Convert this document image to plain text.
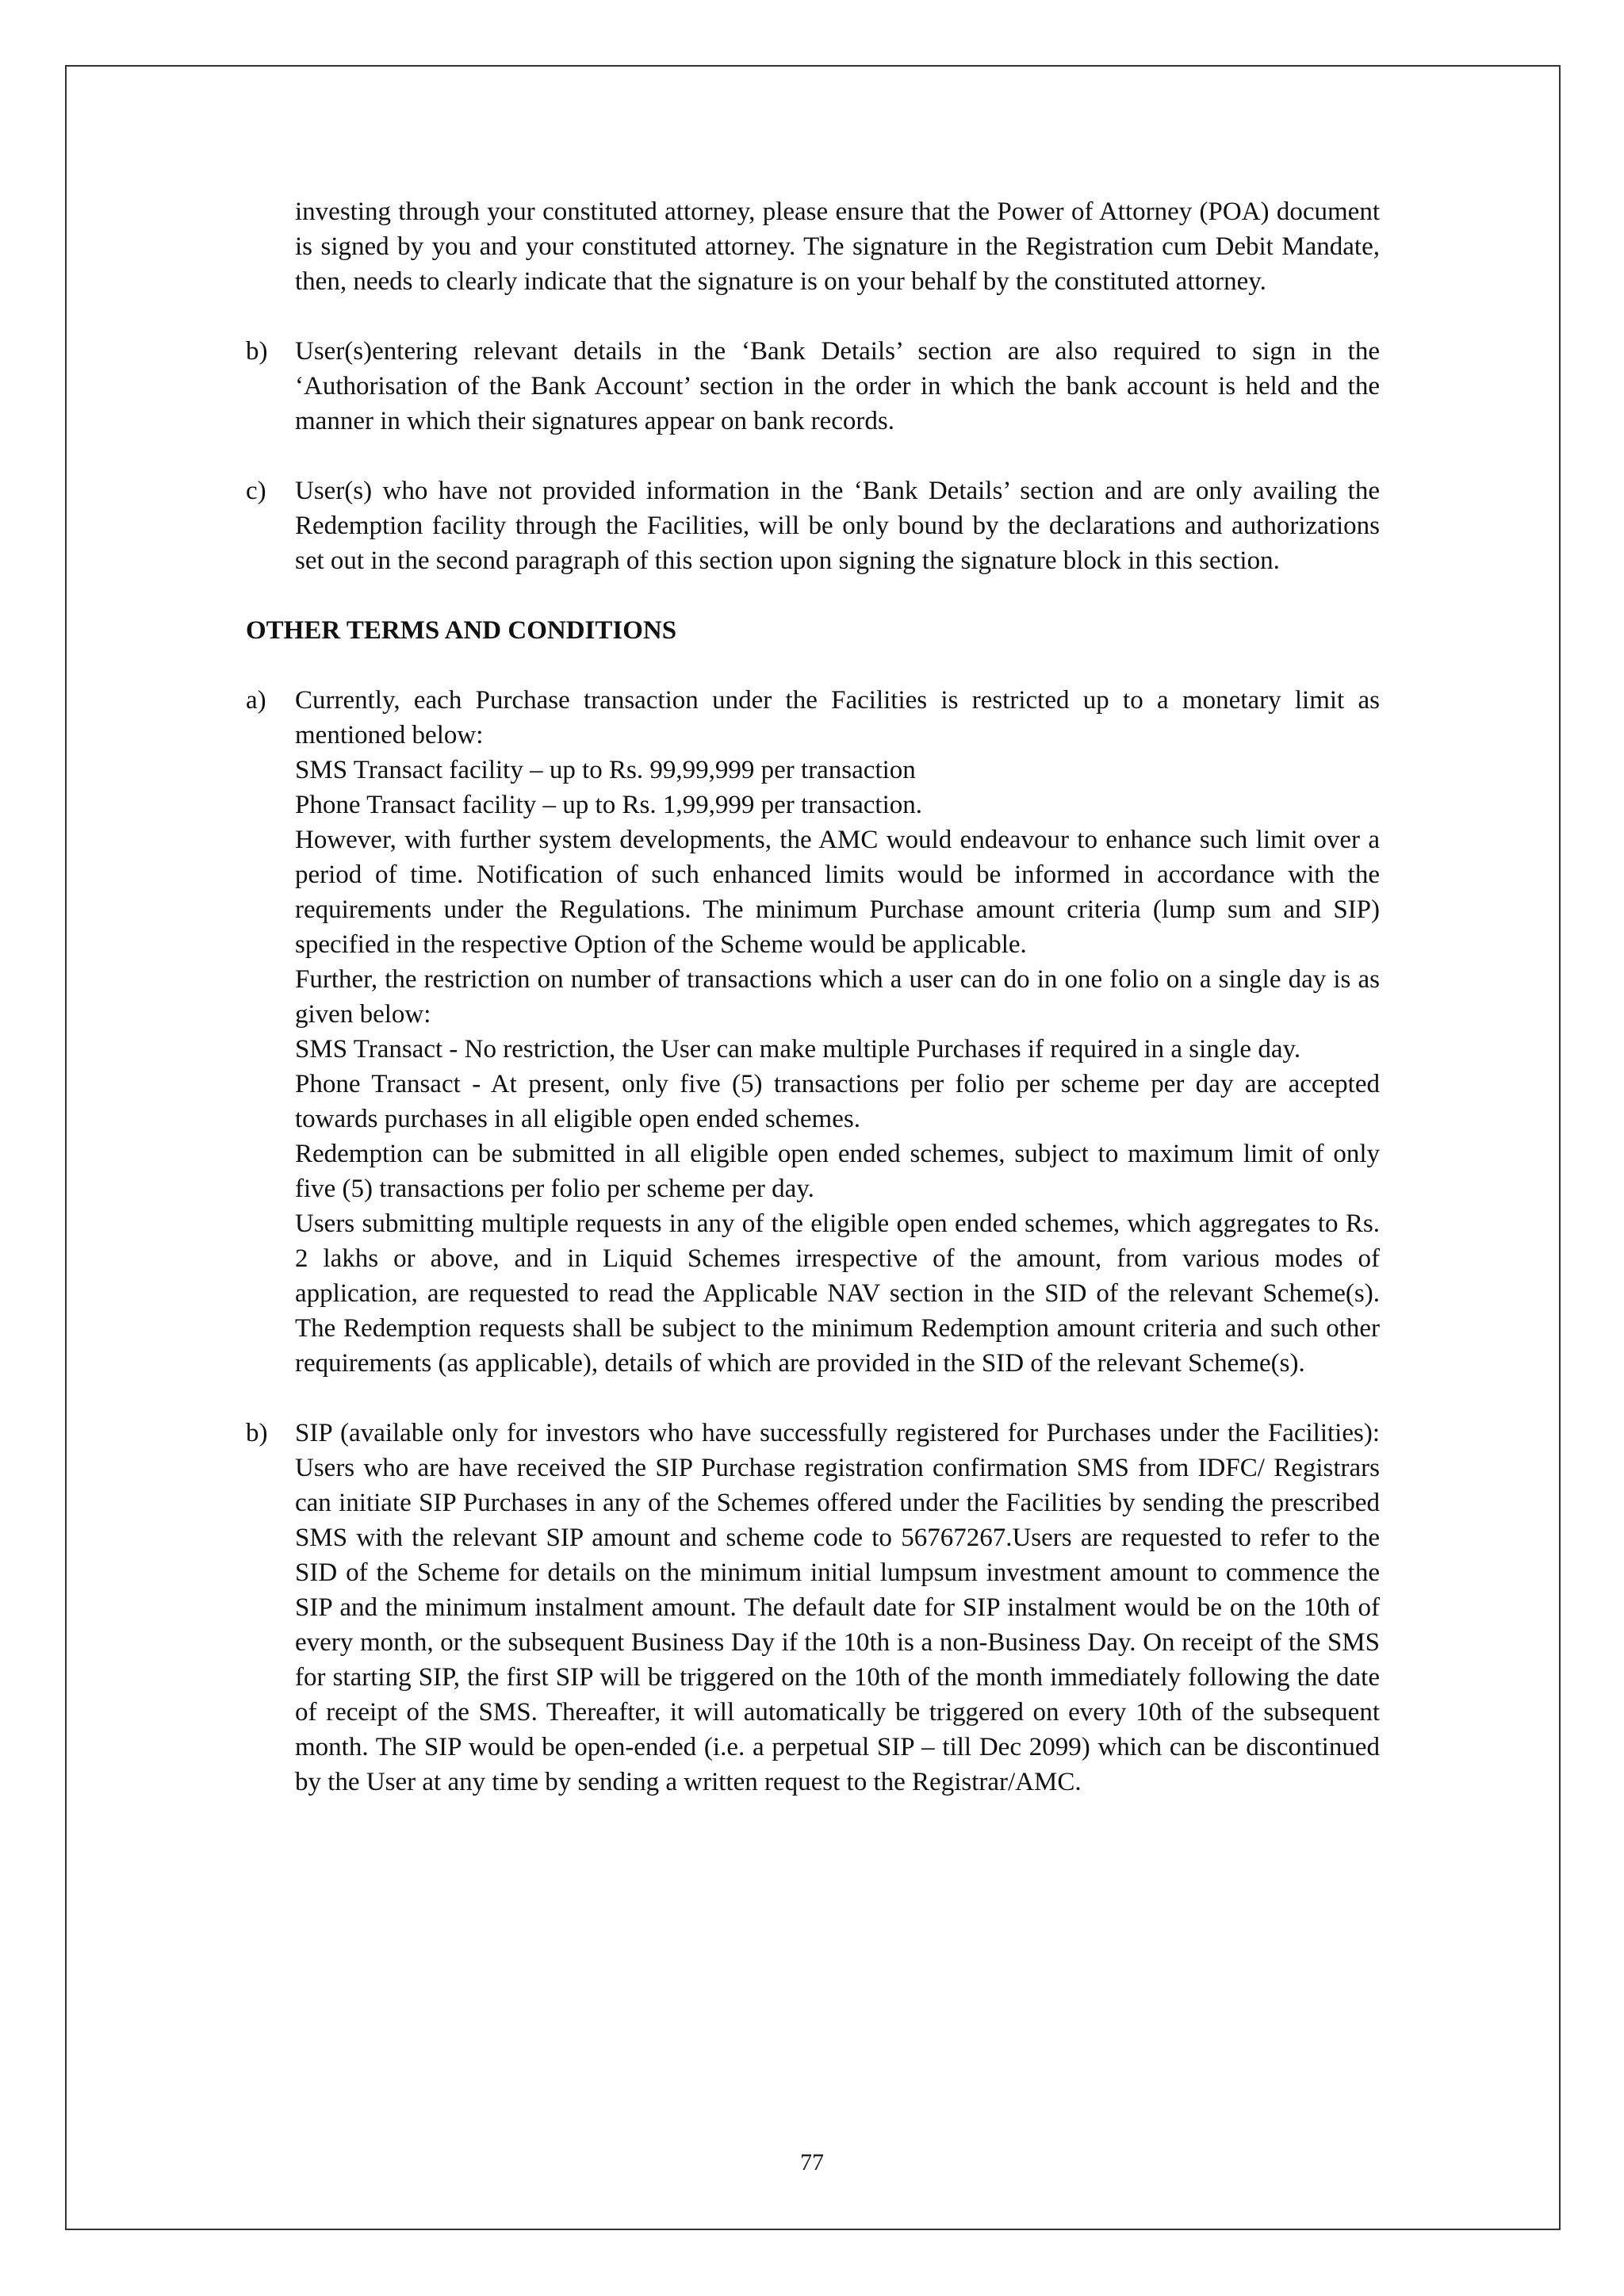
investing through your constituted attorney, please ensure that the Power of Attorney (POA) document is signed by you and your constituted attorney. The signature in the Registration cum Debit Mandate, then, needs to clearly indicate that the signature is on your behalf by the constituted attorney.

b) User(s)entering relevant details in the ‘Bank Details’ section are also required to sign in the ‘Authorisation of the Bank Account’ section in the order in which the bank account is held and the manner in which their signatures appear on bank records.
c) User(s) who have not provided information in the ‘Bank Details’ section and are only availing the Redemption facility through the Facilities, will be only bound by the declarations and authorizations set out in the second paragraph of this section upon signing the signature block in this section.

OTHER TERMS AND CONDITIONS

a) Currently, each Purchase transaction under the Facilities is restricted up to a monetary limit as mentioned below:
SMS Transact facility – up to Rs. 99,99,999 per transaction
Phone Transact facility – up to Rs. 1,99,999 per transaction.
However, with further system developments, the AMC would endeavour to enhance such limit over a period of time. Notification of such enhanced limits would be informed in accordance with the requirements under the Regulations. The minimum Purchase amount criteria (lump sum and SIP) specified in the respective Option of the Scheme would be applicable.
Further, the restriction on number of transactions which a user can do in one folio on a single day is as given below:
SMS Transact - No restriction, the User can make multiple Purchases if required in a single day.
Phone Transact - At present, only five (5) transactions per folio per scheme per day are accepted towards purchases in all eligible open ended schemes.
Redemption can be submitted in all eligible open ended schemes, subject to maximum limit of only five (5) transactions per folio per scheme per day.
Users submitting multiple requests in any of the eligible open ended schemes, which aggregates to Rs. 2 lakhs or above, and in Liquid Schemes irrespective of the amount, from various modes of application, are requested to read the Applicable NAV section in the SID of the relevant Scheme(s). The Redemption requests shall be subject to the minimum Redemption amount criteria and such other requirements (as applicable), details of which are provided in the SID of the relevant Scheme(s).
b) SIP (available only for investors who have successfully registered for Purchases under the Facilities): Users who are have received the SIP Purchase registration confirmation SMS from IDFC/ Registrars can initiate SIP Purchases in any of the Schemes offered under the Facilities by sending the prescribed SMS with the relevant SIP amount and scheme code to 56767267.Users are requested to refer to the SID of the Scheme for details on the minimum initial lumpsum investment amount to commence the SIP and the minimum instalment amount. The default date for SIP instalment would be on the 10th of every month, or the subsequent Business Day if the 10th is a non-Business Day. On receipt of the SMS for starting SIP, the first SIP will be triggered on the 10th of the month immediately following the date of receipt of the SMS. Thereafter, it will automatically be triggered on every 10th of the subsequent month. The SIP would be open-ended (i.e. a perpetual SIP – till Dec 2099) which can be discontinued by the User at any time by sending a written request to the Registrar/AMC.
77
